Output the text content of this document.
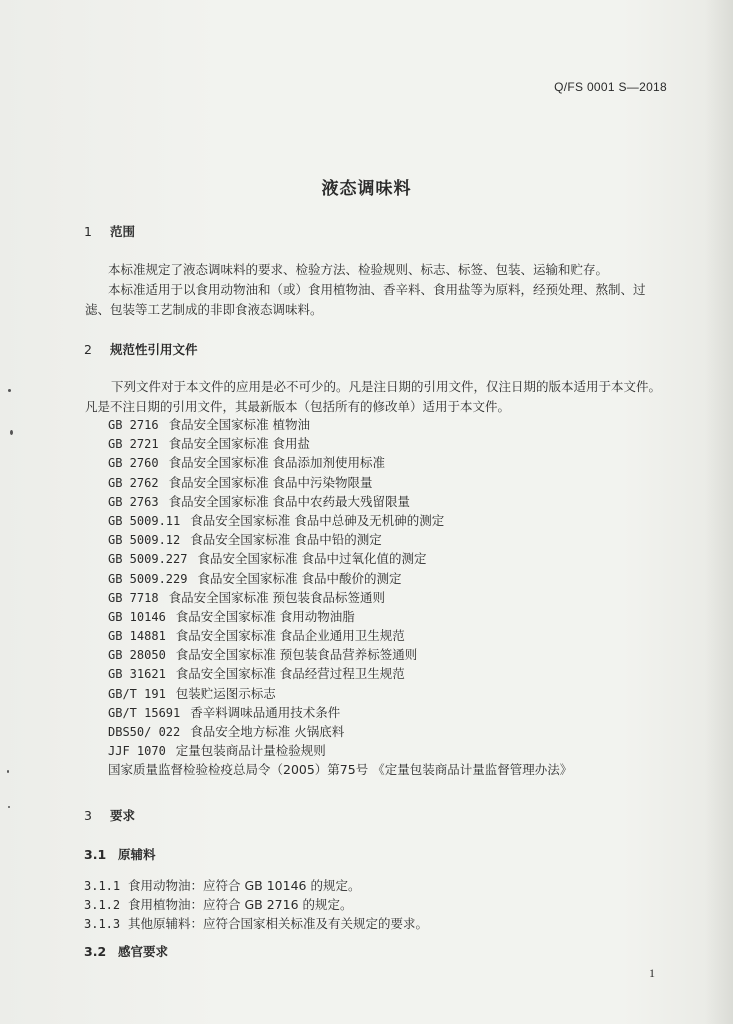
Q/FS 0001 S—2018
液态调味料
1 范围
本标准规定了液态调味料的要求、检验方法、检验规则、标志、标签、包装、运输和贮存。
本标准适用于以食用动物油和（或）食用植物油、香辛料、食用盐等为原料，经预处理、熬制、过
滤、包装等工艺制成的非即食液态调味料。
2 规范性引用文件
下列文件对于本文件的应用是必不可少的。凡是注日期的引用文件，仅注日期的版本适用于本文件。
凡是不注日期的引用文件，其最新版本（包括所有的修改单）适用于本文件。
GB 2716 食品安全国家标准 植物油
GB 2721 食品安全国家标准 食用盐
GB 2760 食品安全国家标准 食品添加剂使用标准
GB 2762 食品安全国家标准 食品中污染物限量
GB 2763 食品安全国家标准 食品中农药最大残留限量
GB 5009.11 食品安全国家标准 食品中总砷及无机砷的测定
GB 5009.12 食品安全国家标准 食品中铅的测定
GB 5009.227 食品安全国家标准 食品中过氧化值的测定
GB 5009.229 食品安全国家标准 食品中酸价的测定
GB 7718 食品安全国家标准 预包装食品标签通则
GB 10146 食品安全国家标准 食用动物油脂
GB 14881 食品安全国家标准 食品企业通用卫生规范
GB 28050 食品安全国家标准 预包装食品营养标签通则
GB 31621 食品安全国家标准 食品经营过程卫生规范
GB/T 191 包装贮运图示标志
GB/T 15691 香辛料调味品通用技术条件
DBS50/ 022 食品安全地方标准 火锅底料
JJF 1070 定量包装商品计量检验规则
国家质量监督检验检疫总局令（2005）第75号 《定量包装商品计量监督管理办法》
3 要求
3.1 原辅料
3.1.1 食用动物油：应符合 GB 10146 的规定。
3.1.2 食用植物油：应符合 GB 2716 的规定。
3.1.3 其他原辅料：应符合国家相关标准及有关规定的要求。
3.2 感官要求
1
